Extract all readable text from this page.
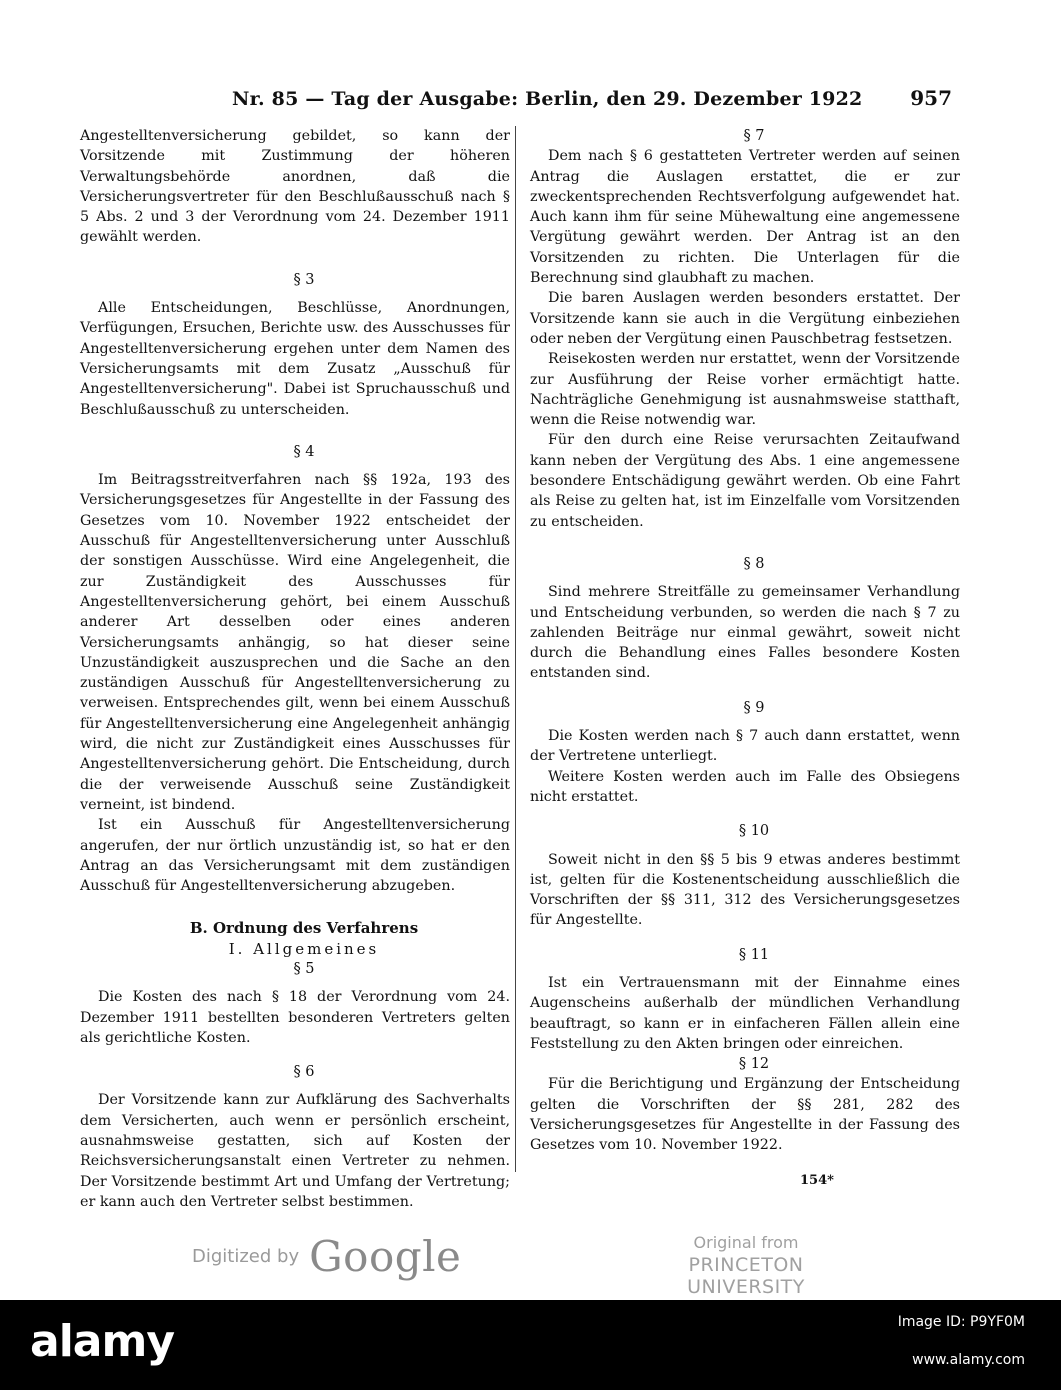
Nr. 85 — Tag der Ausgabe: Berlin, den 29. Dezember 1922 957

Angestelltenversicherung gebildet, so kann der Vorsitzende mit Zustimmung der höheren Verwaltungsbehörde anordnen, daß die Versicherungsvertreter für den Beschlußausschuß nach § 5 Abs. 2 und 3 der Verordnung vom 24. Dezember 1911 gewählt werden.

§ 3

Alle Entscheidungen, Beschlüsse, Anordnungen, Verfügungen, Ersuchen, Berichte usw. des Ausschusses für Angestelltenversicherung ergehen unter dem Namen des Versicherungsamts mit dem Zusatz „Ausschuß für Angestelltenversicherung". Dabei ist Spruchausschuß und Beschlußausschuß zu unterscheiden.

§ 4

Im Beitragsstreitverfahren nach §§ 192a, 193 des Versicherungsgesetzes für Angestellte in der Fassung des Gesetzes vom 10. November 1922 entscheidet der Ausschuß für Angestelltenversicherung unter Ausschluß der sonstigen Ausschüsse. Wird eine Angelegenheit, die zur Zuständigkeit des Ausschusses für Angestelltenversicherung gehört, bei einem Ausschuß anderer Art desselben oder eines anderen Versicherungsamts anhängig, so hat dieser seine Unzuständigkeit auszusprechen und die Sache an den zuständigen Ausschuß für Angestelltenversicherung zu verweisen. Entsprechendes gilt, wenn bei einem Ausschuß für Angestelltenversicherung eine Angelegenheit anhängig wird, die nicht zur Zuständigkeit eines Ausschusses für Angestelltenversicherung gehört. Die Entscheidung, durch die der verweisende Ausschuß seine Zuständigkeit verneint, ist bindend.

Ist ein Ausschuß für Angestelltenversicherung angerufen, der nur örtlich unzuständig ist, so hat er den Antrag an das Versicherungsamt mit dem zuständigen Ausschuß für Angestelltenversicherung abzugeben.

B. Ordnung des Verfahrens

I. Allgemeines

§ 5

Die Kosten des nach § 18 der Verordnung vom 24. Dezember 1911 bestellten besonderen Vertreters gelten als gerichtliche Kosten.

§ 6

Der Vorsitzende kann zur Aufklärung des Sachverhalts dem Versicherten, auch wenn er persönlich erscheint, ausnahmsweise gestatten, sich auf Kosten der Reichsversicherungsanstalt einen Vertreter zu nehmen. Der Vorsitzende bestimmt Art und Umfang der Vertretung; er kann auch den Vertreter selbst bestimmen.

§ 7

Dem nach § 6 gestatteten Vertreter werden auf seinen Antrag die Auslagen erstattet, die er zur zweckentsprechenden Rechtsverfolgung aufgewendet hat. Auch kann ihm für seine Mühewaltung eine angemessene Vergütung gewährt werden. Der Antrag ist an den Vorsitzenden zu richten. Die Unterlagen für die Berechnung sind glaubhaft zu machen.

Die baren Auslagen werden besonders erstattet. Der Vorsitzende kann sie auch in die Vergütung einbeziehen oder neben der Vergütung einen Pauschbetrag festsetzen.

Reisekosten werden nur erstattet, wenn der Vorsitzende zur Ausführung der Reise vorher ermächtigt hatte. Nachträgliche Genehmigung ist ausnahmsweise statthaft, wenn die Reise notwendig war.

Für den durch eine Reise verursachten Zeitaufwand kann neben der Vergütung des Abs. 1 eine angemessene besondere Entschädigung gewährt werden. Ob eine Fahrt als Reise zu gelten hat, ist im Einzelfalle vom Vorsitzenden zu entscheiden.

§ 8

Sind mehrere Streitfälle zu gemeinsamer Verhandlung und Entscheidung verbunden, so werden die nach § 7 zu zahlenden Beiträge nur einmal gewährt, soweit nicht durch die Behandlung eines Falles besondere Kosten entstanden sind.

§ 9

Die Kosten werden nach § 7 auch dann erstattet, wenn der Vertretene unterliegt.

Weitere Kosten werden auch im Falle des Obsiegens nicht erstattet.

§ 10

Soweit nicht in den §§ 5 bis 9 etwas anderes bestimmt ist, gelten für die Kostenentscheidung ausschließlich die Vorschriften der §§ 311, 312 des Versicherungsgesetzes für Angestellte.

§ 11

Ist ein Vertrauensmann mit der Einnahme eines Augenscheins außerhalb der mündlichen Verhandlung beauftragt, so kann er in einfacheren Fällen allein eine Feststellung zu den Akten bringen oder einreichen.

§ 12

Für die Berichtigung und Ergänzung der Entscheidung gelten die Vorschriften der §§ 281, 282 des Versicherungsgesetzes für Angestellte in der Fassung des Gesetzes vom 10. November 1922.

154*
Digitized by Google	Original from
PRINCETON UNIVERSITY
alamy	Image ID: P9YF0M
www.alamy.com
